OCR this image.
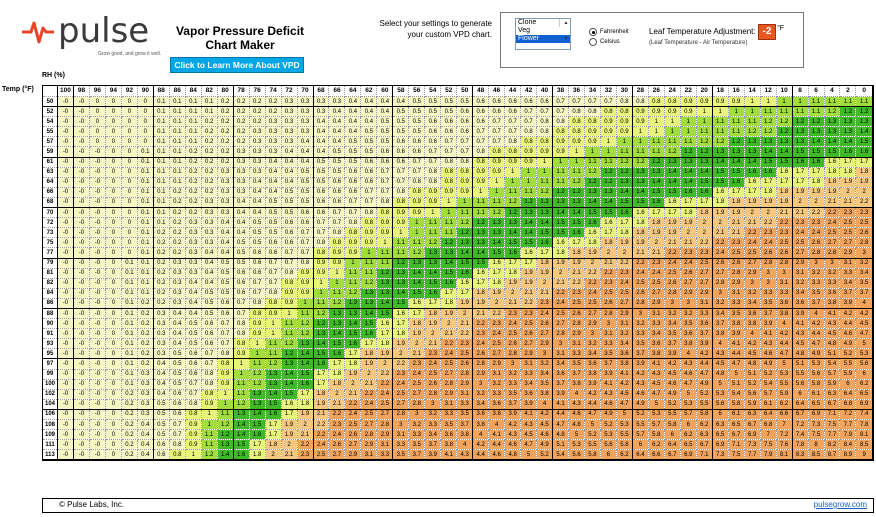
pulse
Grow good, and grow it well.
Vapor Pressure Deficit
Chart Maker
Click to Learn More About VPD
Select your settings to generate
your custom VPD chart.
Clone
Veg
Flower
▲

▼
Fahrenheit
Celsius
Leaf Temperature Adjustment: -2 °F
(Leaf Temperature - Air Temperature)
RH (%)
Temp (°F)
		100	98	96	94	92	90	88	86	84	82	80	78	76	74	72	70	68	66	64	62	60	58	56	54	52	50	48	46	44	42	40	38	36	34	32	30	28	26	24	22	20	18	16	14	12	10	8	6	4	2	0
50	-0	-0	0	0	0	0	0.1	0.1	0.1	0.1	0.2	0.2	0.2	0.2	0.3	0.3	0.3	0.3	0.4	0.4	0.4	0.4	0.5	0.5	0.5	0.5	0.6	0.6	0.6	0.6	0.6	0.7	0.7	0.7	0.7	0.8	0.8	0.8	0.8	0.9	0.9	0.9	0.9	1	1	1	1	1.1	1.1	1.1	1.1
52	-0	-0	0	0	0	0	0.1	0.1	0.1	0.1	0.2	0.2	0.2	0.2	0.3	0.3	0.3	0.4	0.4	0.4	0.4	0.5	0.5	0.5	0.5	0.6	0.6	0.6	0.6	0.7	0.7	0.7	0.8	0.8	0.8	0.8	0.9	0.9	0.9	0.9	1	1	1	1	1.1	1.1	1.1	1.1	1.2	1.2	1.2
54	-0	-0	0	0	0	0	0.1	0.1	0.1	0.2	0.2	0.2	0.2	0.3	0.3	0.3	0.4	0.4	0.4	0.4	0.5	0.5	0.5	0.6	0.6	0.6	0.6	0.7	0.7	0.7	0.8	0.8	0.8	0.8	0.9	0.9	0.9	1	1	1	1	1.1	1.1	1.1	1.2	1.2	1.2	1.2	1.3	1.3	1.3
55	-0	-0	0	0	0	0	0.1	0.1	0.1	0.2	0.2	0.2	0.3	0.3	0.3	0.3	0.4	0.4	0.4	0.5	0.5	0.5	0.5	0.6	0.6	0.6	0.7	0.7	0.7	0.8	0.8	0.8	0.8	0.9	0.9	0.9	1	1	1	1	1.1	1.1	1.1	1.2	1.2	1.2	1.3	1.3	1.3	1.3	1.4
57	-0	-0	0	0	0	0	0.1	0.1	0.1	0.2	0.2	0.2	0.3	0.3	0.3	0.4	0.4	0.4	0.5	0.5	0.5	0.6	0.6	0.6	0.7	0.7	0.7	0.7	0.8	0.8	0.8	0.9	0.9	0.9	1	1	1	1.1	1.1	1.1	1.2	1.2	1.2	1.3	1.3	1.3	1.3	1.4	1.4	1.4	1.5
59	-0	-0	-0	0	0	0.1	0.1	0.1	0.2	0.2	0.2	0.3	0.3	0.3	0.4	0.4	0.4	0.5	0.5	0.5	0.6	0.6	0.6	0.7	0.7	0.7	0.8	0.8	0.8	0.9	0.9	0.9	1	1	1	1.1	1.1	1.1	1.2	1.2	1.2	1.3	1.3	1.3	1.4	1.4	1.5	1.5	1.5	1.6	1.6
61	-0	-0	-0	0	0	0.1	0.1	0.1	0.2	0.2	0.2	0.3	0.3	0.4	0.4	0.4	0.5	0.5	0.5	0.6	0.6	0.6	0.7	0.7	0.8	0.8	0.8	0.9	0.9	0.9	1	1	1	1.1	1.1	1.2	1.2	1.2	1.3	1.3	1.3	1.4	1.4	1.4	1.5	1.5	1.6	1.6	1.6	1.7	1.7
63	-0	-0	-0	0	0	0.1	0.1	0.1	0.2	0.2	0.3	0.3	0.3	0.4	0.4	0.5	0.5	0.5	0.6	0.6	0.7	0.7	0.7	0.8	0.8	0.8	0.9	0.9	1	1	1	1.1	1.1	1.2	1.2	1.2	1.3	1.3	1.4	1.4	1.4	1.5	1.5	1.6	1.6	1.6	1.7	1.7	1.8	1.8	1.8
64	-0	-0	-0	0	0	0.1	0.1	0.1	0.2	0.2	0.3	0.3	0.4	0.4	0.4	0.5	0.5	0.6	0.6	0.6	0.7	0.7	0.8	0.8	0.8	0.9	0.9	1	1	1	1.1	1.1	1.2	1.2	1.2	1.3	1.3	1.4	1.4	1.4	1.5	1.5	1.6	1.6	1.7	1.7	1.7	1.8	1.8	1.9	1.9
66	-0	-0	-0	0	0	0.1	0.1	0.2	0.2	0.2	0.3	0.3	0.4	0.4	0.5	0.5	0.6	0.6	0.6	0.7	0.7	0.8	0.8	0.9	0.9	0.9	1	1	1.1	1.1	1.2	1.2	1.2	1.3	1.3	1.4	1.4	1.5	1.5	1.6	1.6	1.6	1.7	1.7	1.8	1.8	1.9	1.9	1.9	2	2
68	-0	-0	-0	0	0	0.1	0.1	0.2	0.2	0.3	0.3	0.4	0.4	0.5	0.5	0.5	0.6	0.6	0.7	0.7	0.8	0.8	0.9	0.9	1	1	1.1	1.1	1.2	1.2	1.2	1.3	1.3	1.4	1.4	1.5	1.5	1.6	1.6	1.7	1.7	1.8	1.8	1.9	1.9	1.9	2	2	2.1	2.1	2.2
70	-0	-0	-0	0	0	0.1	0.1	0.2	0.2	0.3	0.3	0.4	0.4	0.5	0.5	0.6	0.6	0.7	0.7	0.8	0.8	0.9	0.9	1	1	1.1	1.1	1.2	1.2	1.3	1.3	1.4	1.4	1.5	1.5	1.6	1.6	1.7	1.7	1.8	1.8	1.9	1.9	2	2	2.1	2.1	2.2	2.2	2.3	2.3
72	-0	-0	-0	0	0	0.1	0.1	0.2	0.3	0.3	0.4	0.4	0.5	0.5	0.6	0.6	0.7	0.7	0.8	0.8	0.9	0.9	1	1.1	1.1	1.2	1.2	1.3	1.3	1.4	1.4	1.5	1.5	1.6	1.6	1.7	1.8	1.8	1.9	1.9	2	2	2.1	2.1	2.2	2.2	2.3	2.3	2.4	2.5	2.5
73	-0	-0	-0	0	0	0.1	0.2	0.2	0.3	0.3	0.4	0.4	0.5	0.5	0.6	0.7	0.7	0.8	0.8	0.9	0.9	1	1	1.1	1.1	1.2	1.3	1.3	1.4	1.4	1.5	1.5	1.6	1.6	1.7	1.8	1.8	1.9	1.9	2	2	2.1	2.1	2.2	2.3	2.3	2.4	2.4	2.5	2.5	2.6
75	-0	-0	-0	0	0	0.1	0.2	0.2	0.3	0.3	0.4	0.5	0.5	0.6	0.6	0.7	0.8	0.8	0.9	0.9	1	1.1	1.1	1.2	1.2	1.3	1.3	1.4	1.5	1.5	1.6	1.6	1.7	1.8	1.8	1.9	1.9	2	2.1	2.1	2.2	2.2	2.3	2.4	2.4	2.5	2.5	2.6	2.7	2.7	2.8
77	-0	-0	-0	0	0	0.1	0.2	0.2	0.3	0.4	0.4	0.5	0.6	0.6	0.7	0.7	0.8	0.9	0.9	1	1.1	1.1	1.2	1.3	1.3	1.4	1.4	1.5	1.6	1.6	1.7	1.8	1.8	1.9	2	2	2.1	2.1	2.2	2.3	2.3	2.4	2.5	2.5	2.6	2.6	2.7	2.8	2.8	2.9	3
79	-0	-0	-0	0	0.1	0.1	0.2	0.3	0.3	0.4	0.5	0.5	0.6	0.7	0.7	0.8	0.9	0.9	1	1.1	1.1	1.2	1.3	1.3	1.4	1.5	1.5	1.6	1.7	1.7	1.8	1.9	1.9	2	2.1	2.2	2.2	2.3	2.4	2.4	2.5	2.6	2.6	2.7	2.8	2.8	2.9	3	3	3.1	3.2
81	-0	-0	-0	0	0.1	0.1	0.2	0.3	0.3	0.4	0.5	0.6	0.6	0.7	0.8	0.9	0.9	1	1.1	1.1	1.2	1.3	1.4	1.4	1.5	1.6	1.6	1.7	1.8	1.9	1.9	2	2.1	2.2	2.2	2.3	2.4	2.4	2.5	2.6	2.7	2.7	2.8	2.9	3	3	3.1	3.2	3.2	3.3	3.4
82	-0	-0	-0	0	0.1	0.1	0.2	0.3	0.4	0.4	0.5	0.6	0.7	0.7	0.8	0.9	1	1	1.1	1.2	1.3	1.3	1.4	1.5	1.6	1.6	1.7	1.8	1.9	1.9	2	2.1	2.2	2.2	2.3	2.4	2.5	2.5	2.6	2.7	2.7	2.8	2.9	3	3	3.1	3.2	3.3	3.3	3.4	3.5
84	-0	-0	-0	0	0.1	0.1	0.2	0.3	0.4	0.5	0.5	0.6	0.7	0.8	0.9	0.9	1	1.1	1.2	1.3	1.3	1.4	1.5	1.6	1.7	1.7	1.8	1.9	2	2.1	2.1	2.2	2.3	2.4	2.5	2.5	2.6	2.7	2.8	2.9	2.9	3	3.1	3.2	3.3	3.3	3.4	3.5	3.6	3.7	3.7
86	-0	-0	-0	0	0.1	0.2	0.2	0.3	0.4	0.5	0.6	0.7	0.8	0.8	0.9	1	1.1	1.2	1.3	1.3	1.4	1.5	1.6	1.7	1.8	1.9	1.9	2	2.1	2.2	2.3	2.4	2.5	2.5	2.6	2.7	2.8	2.9	3	3	3.1	3.2	3.3	3.4	3.5	3.6	3.6	3.7	3.8	3.9	4
88	-0	-0	-0	0	0.1	0.2	0.3	0.4	0.4	0.5	0.6	0.7	0.8	0.9	1	1.1	1.2	1.3	1.3	1.4	1.5	1.6	1.7	1.8	1.9	2	2.1	2.2	2.3	2.3	2.4	2.5	2.6	2.7	2.8	2.9	3	3.1	3.2	3.2	3.3	3.4	3.5	3.6	3.7	3.8	3.9	4	4.1	4.2	4.2
90	-0	-0	-0	0	0.1	0.2	0.3	0.4	0.5	0.6	0.7	0.8	0.9	1	1.1	1.2	1.2	1.3	1.4	1.5	1.6	1.7	1.8	1.9	2	2.1	2.2	2.3	2.4	2.5	2.6	2.7	2.8	2.9	3	3.1	3.2	3.3	3.4	3.5	3.6	3.7	3.8	3.8	3.9	4	4.1	4.2	4.3	4.4	4.5
91	-0	-0	-0	0	0.1	0.2	0.3	0.4	0.5	0.6	0.7	0.8	0.9	1	1.1	1.2	1.3	1.4	1.5	1.6	1.7	1.8	1.9	2	2.1	2.2	2.3	2.4	2.5	2.6	2.7	2.8	2.9	3	3.1	3.2	3.3	3.4	3.5	3.6	3.7	3.8	3.9	4	4.1	4.2	4.3	4.4	4.5	4.6	4.7
93	-0	-0	-0	0	0.1	0.2	0.3	0.4	0.5	0.6	0.7	0.8	1	1.1	1.2	1.3	1.4	1.5	1.6	1.7	1.8	1.9	2	2.1	2.2	2.3	2.4	2.5	2.6	2.7	2.9	3	3.1	3.2	3.3	3.4	3.5	3.6	3.7	3.8	3.9	4	4.1	4.2	4.3	4.4	4.5	4.7	4.8	4.9	5
95	-0	-0	-0	0	0.1	0.2	0.3	0.5	0.6	0.7	0.8	0.9	1	1.1	1.2	1.4	1.5	1.6	1.7	1.8	1.9	2	2.1	2.3	2.4	2.5	2.6	2.7	2.8	2.9	3	3.1	3.3	3.4	3.5	3.6	3.7	3.8	3.9	4	4.2	4.3	4.4	4.5	4.6	4.7	4.8	4.9	5.1	5.2	5.3
97	-0	-0	-0	0	0.1	0.2	0.4	0.5	0.6	0.7	0.8	1	1.1	1.2	1.3	1.4	1.6	1.7	1.8	1.9	2	2.2	2.3	2.4	2.5	2.6	2.8	2.9	3	3.1	3.2	3.4	3.5	3.6	3.7	3.8	3.9	4.1	4.2	4.3	4.4	4.5	4.7	4.8	4.9	5	5.1	5.3	5.4	5.5	5.6
99	-0	-0	-0	0	0.1	0.3	0.4	0.5	0.6	0.8	0.9	1	1.2	1.3	1.4	1.5	1.7	1.8	1.9	2	2.2	2.3	2.4	2.5	2.7	2.8	2.9	3.1	3.2	3.3	3.4	3.6	3.7	3.8	3.9	4.1	4.2	4.3	4.5	4.6	4.7	4.8	5	5.1	5.2	5.3	5.5	5.6	5.7	5.9	6
100	-0	-0	-0	0	0.1	0.3	0.4	0.5	0.7	0.8	0.9	1.1	1.2	1.3	1.4	1.6	1.7	1.8	2	2.1	2.2	2.4	2.5	2.6	2.8	2.9	3	3.2	3.3	3.4	3.5	3.7	3.8	3.9	4.1	4.2	4.3	4.5	4.6	4.7	4.9	5	5.1	5.2	5.4	5.5	5.6	5.8	5.9	6	6.2
102	-0	-0	-0	0	0.2	0.3	0.4	0.6	0.7	0.8	1	1.1	1.3	1.4	1.5	1.7	1.8	2	2.1	2.2	2.4	2.5	2.7	2.8	2.9	3.1	3.2	3.3	3.5	3.6	3.8	3.9	4	4.2	4.3	4.5	4.6	4.7	4.9	5	5.2	5.3	5.4	5.6	5.7	5.9	6	6.1	6.3	6.4	6.5
104	-0	-0	-0	0	0.2	0.3	0.5	0.6	0.8	0.9	1	1.2	1.3	1.5	1.6	1.8	1.9	2.1	2.2	2.4	2.5	2.7	2.8	3	3.1	3.3	3.4	3.6	3.7	3.9	4	4.1	4.3	4.4	4.6	4.7	4.9	5	5.2	5.3	5.5	5.6	5.8	5.9	6.1	6.2	6.4	6.5	6.7	6.8	6.9
106	-0	-0	-0	0	0.2	0.3	0.5	0.6	0.8	1	1.1	1.3	1.4	1.6	1.7	1.9	2.1	2.2	2.4	2.5	2.7	2.8	3	3.2	3.3	3.5	3.6	3.8	3.9	4.1	4.2	4.4	4.6	4.7	4.9	5	5.2	5.3	5.5	5.7	5.8	6	6.1	6.3	6.4	6.6	6.7	6.9	7.1	7.2	7.4
108	-0	-0	-0	0	0.2	0.4	0.5	0.7	0.9	1	1.2	1.4	1.5	1.7	1.9	2	2.2	2.3	2.5	2.7	2.8	3	3.2	3.3	3.5	3.7	3.8	4	4.2	4.3	4.5	4.7	4.8	5	5.2	5.3	5.5	5.7	5.8	6	6.2	6.3	6.5	6.7	6.8	7	7.2	7.3	7.5	7.7	7.8
109	-0	-0	-0	0	0.2	0.4	0.5	0.7	0.9	1.1	1.2	1.4	1.6	1.7	1.9	2.1	2.2	2.4	2.6	2.8	2.9	3.1	3.3	3.4	3.6	3.8	4	4.1	4.3	4.5	4.6	4.8	5	5.2	5.3	5.5	5.7	5.8	6	6.2	6.3	6.5	6.7	6.9	7	7.2	7.4	7.5	7.7	7.9	8.1
111	-0	-0	-0	0	0.2	0.4	0.6	0.8	0.9	1.1	1.3	1.5	1.7	1.8	2	2.2	2.4	2.6	2.7	2.9	3.1	3.3	3.5	3.7	3.8	4	4.2	4.4	4.6	4.7	4.9	5.1	5.3	5.5	5.6	5.8	6	6.2	6.4	6.5	6.7	6.9	7.1	7.3	7.5	7.6	7.8	8	8.2	8.4	8.5
113	-0	-0	-0	0	0.2	0.4	0.6	0.8	1	1.2	1.4	1.6	1.8	2	2.1	2.3	2.5	2.7	2.9	3.1	3.3	3.5	3.7	3.9	4.1	4.3	4.4	4.6	4.8	5	5.2	5.4	5.6	5.8	6	6.2	6.4	6.6	6.7	6.9	7.1	7.3	7.5	7.7	7.9	8.1	8.3	8.5	8.7	8.9	9
© Pulse Labs, Inc.	pulsegrow.com
